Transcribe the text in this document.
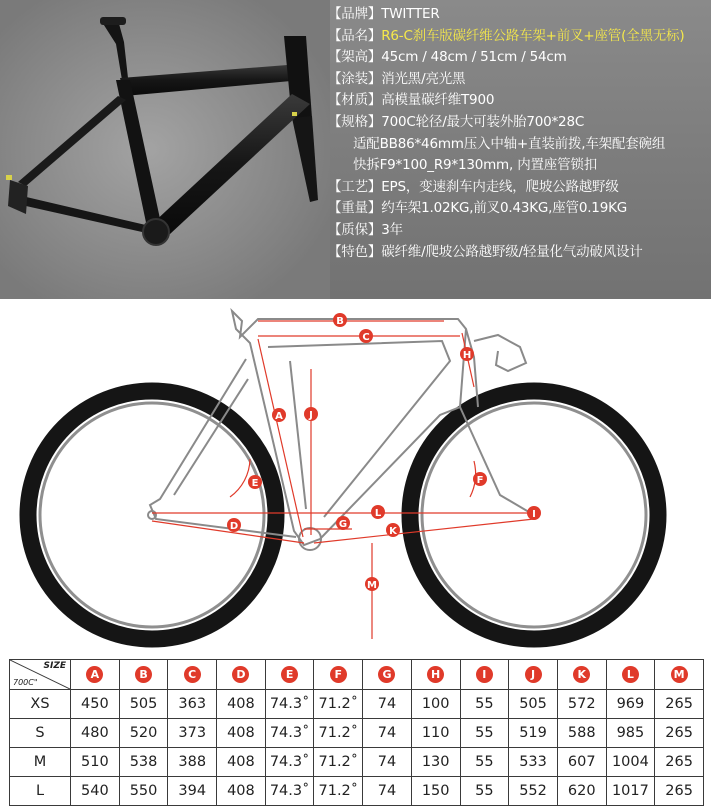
【品牌】TWITTER
【品名】R6-C刹车版碳纤维公路车架+前叉+座管(全黑无标)
【架高】45cm / 48cm / 51cm / 54cm
【涂装】消光黑/亮光黑
【材质】高模量碳纤维T900
【规格】700C轮径/最大可装外胎700*28C
适配BB86*46mm压入中轴+直装前拨,车架配套碗组
快拆F9*100_R9*130mm, 内置座管锁扣
【工艺】EPS，变速刹车内走线，爬坡公路越野级
【重量】约车架1.02KG,前叉0.43KG,座管0.19KG
【质保】3年
【特色】碳纤维/爬坡公路越野级/轻量化气动破风设计
A
B
C
D
E	F
G
H
I
J
K
L
M
SIZE
700C"	A	B	C	D	E	F	G	H	I	J	K	L	M
XS	450	505	363	408	74.3˚	71.2˚	74	100	55	505	572	969	265
S	480	520	373	408	74.3˚	71.2˚	74	110	55	519	588	985	265
M	510	538	388	408	74.3˚	71.2˚	74	130	55	533	607	1004	265
L	540	550	394	408	74.3˚	71.2˚	74	150	55	552	620	1017	265
